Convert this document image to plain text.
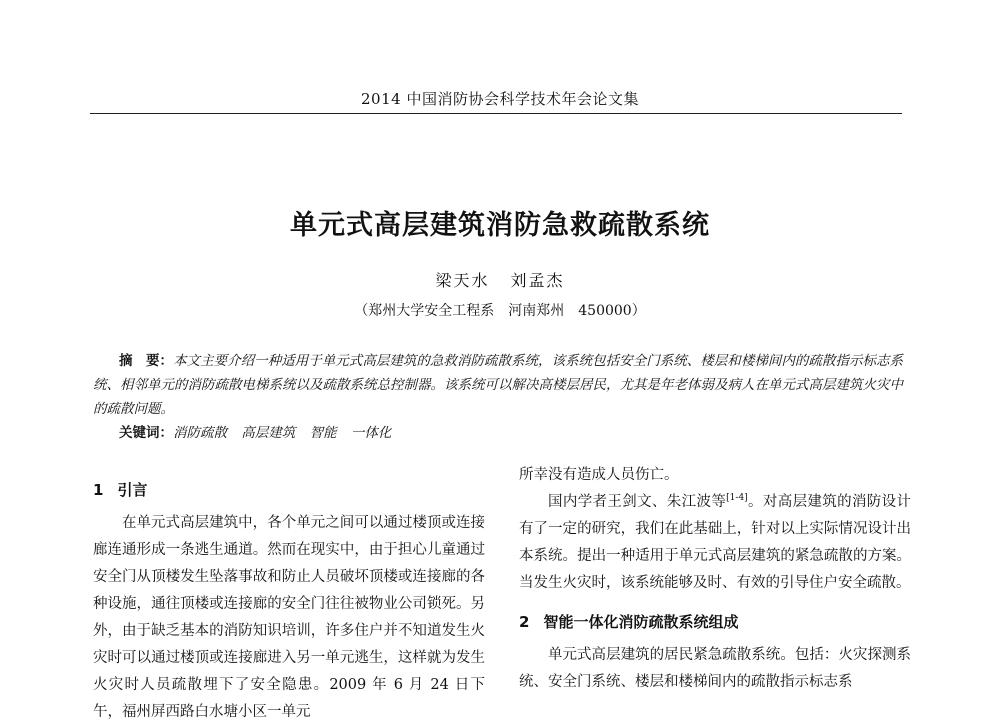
2014 中国消防协会科学技术年会论文集
单元式高层建筑消防急救疏散系统
梁天水 刘孟杰
（郑州大学安全工程系　河南郑州　450000）
摘　要：本文主要介绍一种适用于单元式高层建筑的急救消防疏散系统，该系统包括安全门系统、楼层和楼梯间内的疏散指示标志系统、相邻单元的消防疏散电梯系统以及疏散系统总控制器。该系统可以解决高楼层居民，尤其是年老体弱及病人在单元式高层建筑火灾中的疏散问题。
关键词：消防疏散 高层建筑 智能 一体化
1 引言

在单元式高层建筑中，各个单元之间可以通过楼顶或连接廊连通形成一条逃生通道。然而在现实中，由于担心儿童通过安全门从顶楼发生坠落事故和防止人员破坏顶楼或连接廊的各种设施，通往顶楼或连接廊的安全门往往被物业公司锁死。另外，由于缺乏基本的消防知识培训，许多住户并不知道发生火灾时可以通过楼顶或连接廊进入另一单元逃生，这样就为发生火灾时人员疏散埋下了安全隐患。2009 年 6 月 24 日下午，福州屏西路白水塘小区一单元

所幸没有造成人员伤亡。

国内学者王剑文、朱江波等[1-4]。对高层建筑的消防设计有了一定的研究，我们在此基础上，针对以上实际情况设计出本系统。提出一种适用于单元式高层建筑的紧急疏散的方案。当发生火灾时，该系统能够及时、有效的引导住户安全疏散。

2 智能一体化消防疏散系统组成

单元式高层建筑的居民紧急疏散系统。包括：火灾探测系统、安全门系统、楼层和楼梯间内的疏散指示标志系
